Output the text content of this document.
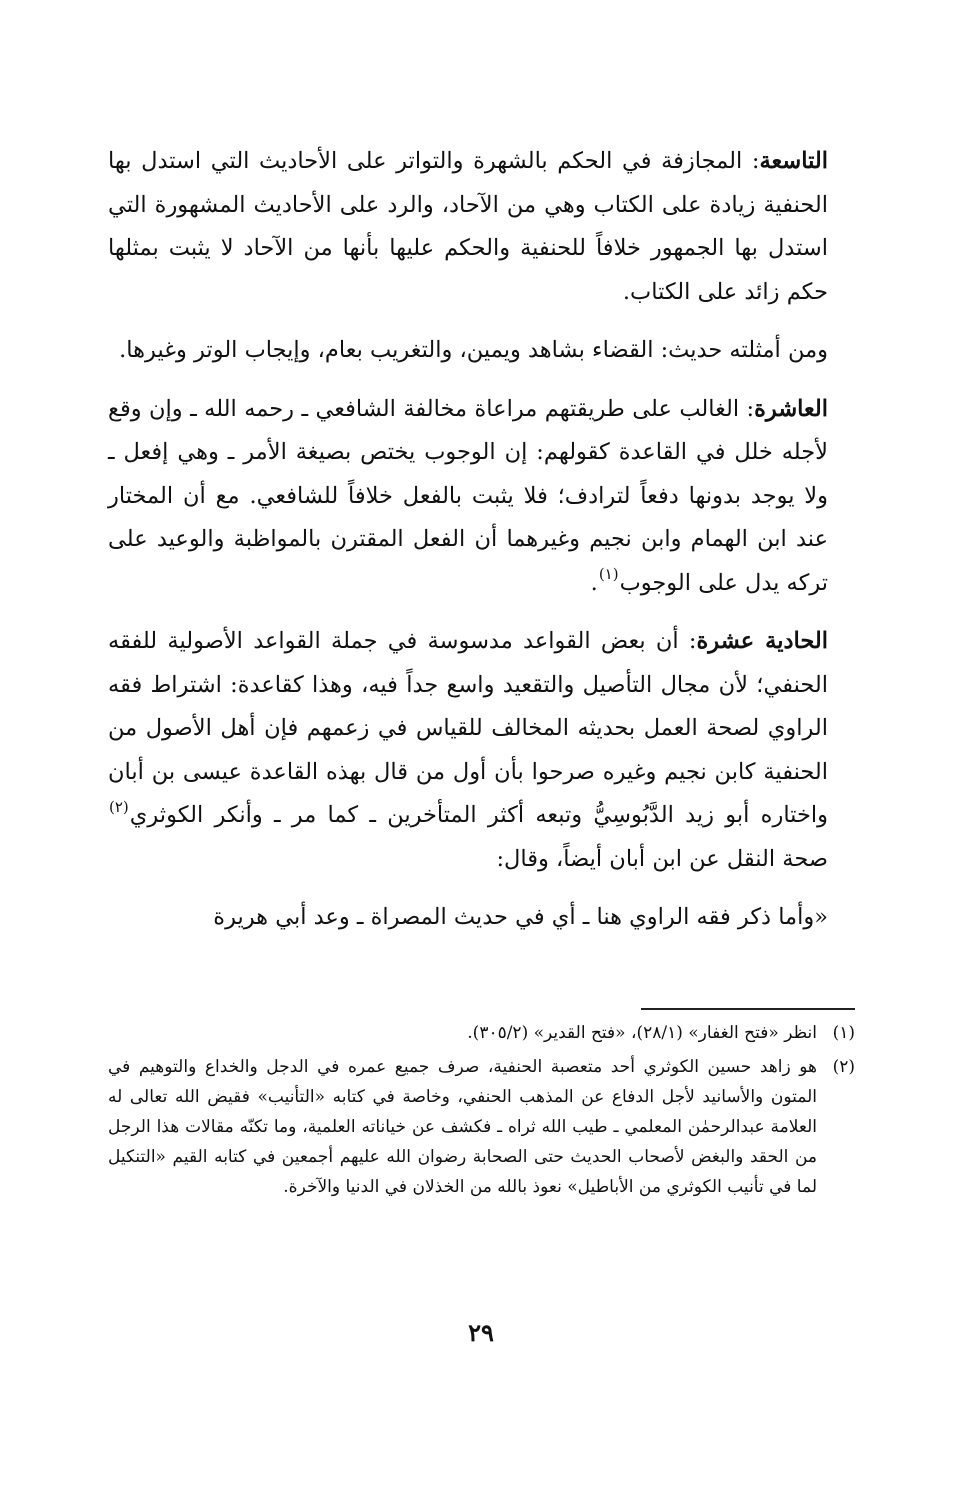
التاسعة: المجازفة في الحكم بالشهرة والتواتر على الأحاديث التي استدل بها الحنفية زيادة على الكتاب وهي من الآحاد، والرد على الأحاديث المشهورة التي استدل بها الجمهور خلافاً للحنفية والحكم عليها بأنها من الآحاد لا يثبت بمثلها حكم زائد على الكتاب.

ومن أمثلته حديث: القضاء بشاهد ويمين، والتغريب بعام، وإيجاب الوتر وغيرها.

العاشرة: الغالب على طريقتهم مراعاة مخالفة الشافعي ـ رحمه الله ـ وإن وقع لأجله خلل في القاعدة كقولهم: إن الوجوب يختص بصيغة الأمر ـ وهي إفعل ـ ولا يوجد بدونها دفعاً لترادف؛ فلا يثبت بالفعل خلافاً للشافعي. مع أن المختار عند ابن الهمام وابن نجيم وغيرهما أن الفعل المقترن بالمواظبة والوعيد على تركه يدل على الوجوب$^{(١)}$.

الحادية عشرة: أن بعض القواعد مدسوسة في جملة القواعد الأصولية للفقه الحنفي؛ لأن مجال التأصيل والتقعيد واسع جداً فيه، وهذا كقاعدة: اشتراط فقه الراوي لصحة العمل بحديثه المخالف للقياس في زعمهم فإن أهل الأصول من الحنفية كابن نجيم وغيره صرحوا بأن أول من قال بهذه القاعدة عيسى بن أبان واختاره أبو زيد الدَّبُوسِيُّ وتبعه أكثر المتأخرين ـ كما مر ـ وأنكر الكوثري$^{(٢)}$ صحة النقل عن ابن أبان أيضاً، وقال:

«وأما ذكر فقه الراوي هنا ـ أي في حديث المصراة ـ وعد أبي هريرة

(١)
انظر «فتح الغفار» (٢٨/١)، «فتح القدير» (٣٠٥/٢).
(٢)
هو زاهد حسين الكوثري أحد متعصبة الحنفية، صرف جميع عمره في الدجل والخداع والتوهيم في المتون والأسانيد لأجل الدفاع عن المذهب الحنفي، وخاصة في كتابه «التأنيب» فقيض الله تعالى له العلامة عبدالرحمٰن المعلمي ـ طيب الله ثراه ـ فكشف عن خياناته العلمية، وما تكنّه مقالات هذا الرجل من الحقد والبغض لأصحاب الحديث حتى الصحابة رضوان الله عليهم أجمعين في كتابه القيم «التنكيل لما في تأنيب الكوثري من الأباطيل» نعوذ بالله من الخذلان في الدنيا والآخرة.
٢٩
